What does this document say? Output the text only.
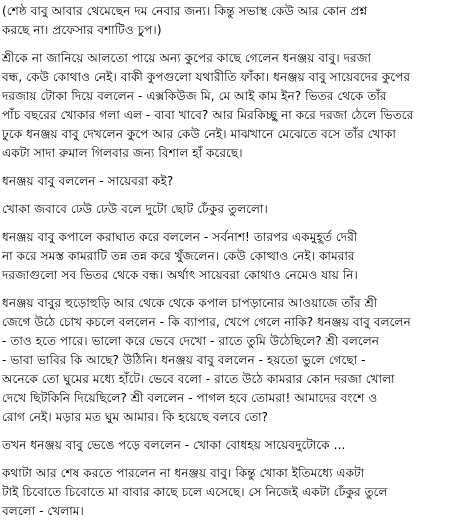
(শেষ্ঠ বাবু আবার থেমেছেন দম নেবার জন্য। কিন্তু সভাস্থ কেউ আর কোন প্রশ্ন
করছে না। প্রফেসার বশাটিও চুপ।)

শ্রীকে না জানিয়ে আলতো পায়ে অন্য কুপের কাছে গেলেন ধনঞ্জয় বাবু। দরজা
বন্ধ, কেউ কোথাও নেই। বাকী কুপগুলো যথারীতি ফাঁকা। ধনঞ্জয় বাবু সায়েবদের কুপের
দরজায় টোকা দিয়ে বললেন - এক্সকিউজ মি, মে আই কাম ইন? ভিতর থেকে তাঁর
পাঁচ বছরের খোকার গলা এল - বাবা খাবে? আর মিরকিচ্ছু না করে দরজা ঠেলে ভিতরে
ঢুকে ধনঞ্জয় বাবু দেখলেন কুপে আর কেউ নেই। মাঝখানে মেঝেতে বসে তাঁর খোকা
একটা সাদা রুমাল গিলবার জন্য বিশাল হাঁ করেছে।

ধনঞ্জয় বাবু বললেন - সায়েবরা কই?

খোকা জবাবে ঢেউ ঢেউ বলে দুটো ছোট ঢেঁকুর তুললো।

ধনঞ্জয় বাবু কপালে করাঘাত করে বললেন - সর্বনাশ! তারপর একমুহূর্ত দেরী
না করে সমস্ত কামরাটি তন্ন তন্ন করে খুঁজলেন। কেউ কোত্থাও নেই। কামরার
দরজাগুলো সব ভিতর থেকে বন্ধ। অর্থাৎ সায়েবরা কোথাও নেমেও যায় নি।

ধনঞ্জয় বাবুর হুড়োহুড়ি আর থেকে থেকে কপাল চাপড়ানোর আওয়াজে তাঁর শ্রী
জেগে উঠে চোখ কচলে বললেন - কি ব্যাপার, খেপে গেলে নাকি? ধনঞ্জয় বাবু বললেন
- তাও হতে পারে। ভালো করে ভেবে দেখো - রাতে তুমি উঠেছিলে? শ্রী বললেন
- ভাবা ভাবির কি আছে? উঠিনি। ধনঞ্জয় বাবু বললেন - হয়তো ভুলে গেছো -
অনেকে তো ঘুমের মধ্যে হাঁটে। ভেবে বলো - রাতে উঠে কামরার কোন দরজা খোলা
দেখে ছিটকিনি দিয়েছিলে? শ্রী বললেন - পাগল হবে তোমরা! আমাদের বংশে ও
রোগ নেই। মড়ার মত ঘুম আমার। কি হয়েছে বলবে তো?

তখন ধনঞ্জয় বাবু ভেঙে পড়ে বললেন - খোকা বোধহয় সায়েবদুটোকে ...

কথাটা আর শেষ করতে পারলেন না ধনঞ্জয় বাবু। কিন্তু খোকা ইতিমধ্যে একটা
টাই চিবোতে চিবোতে মা বাবার কাছে চলে এসেছে। সে নিজেই একটা ঢেঁকুর তুলে
বললো - খেলাম।
